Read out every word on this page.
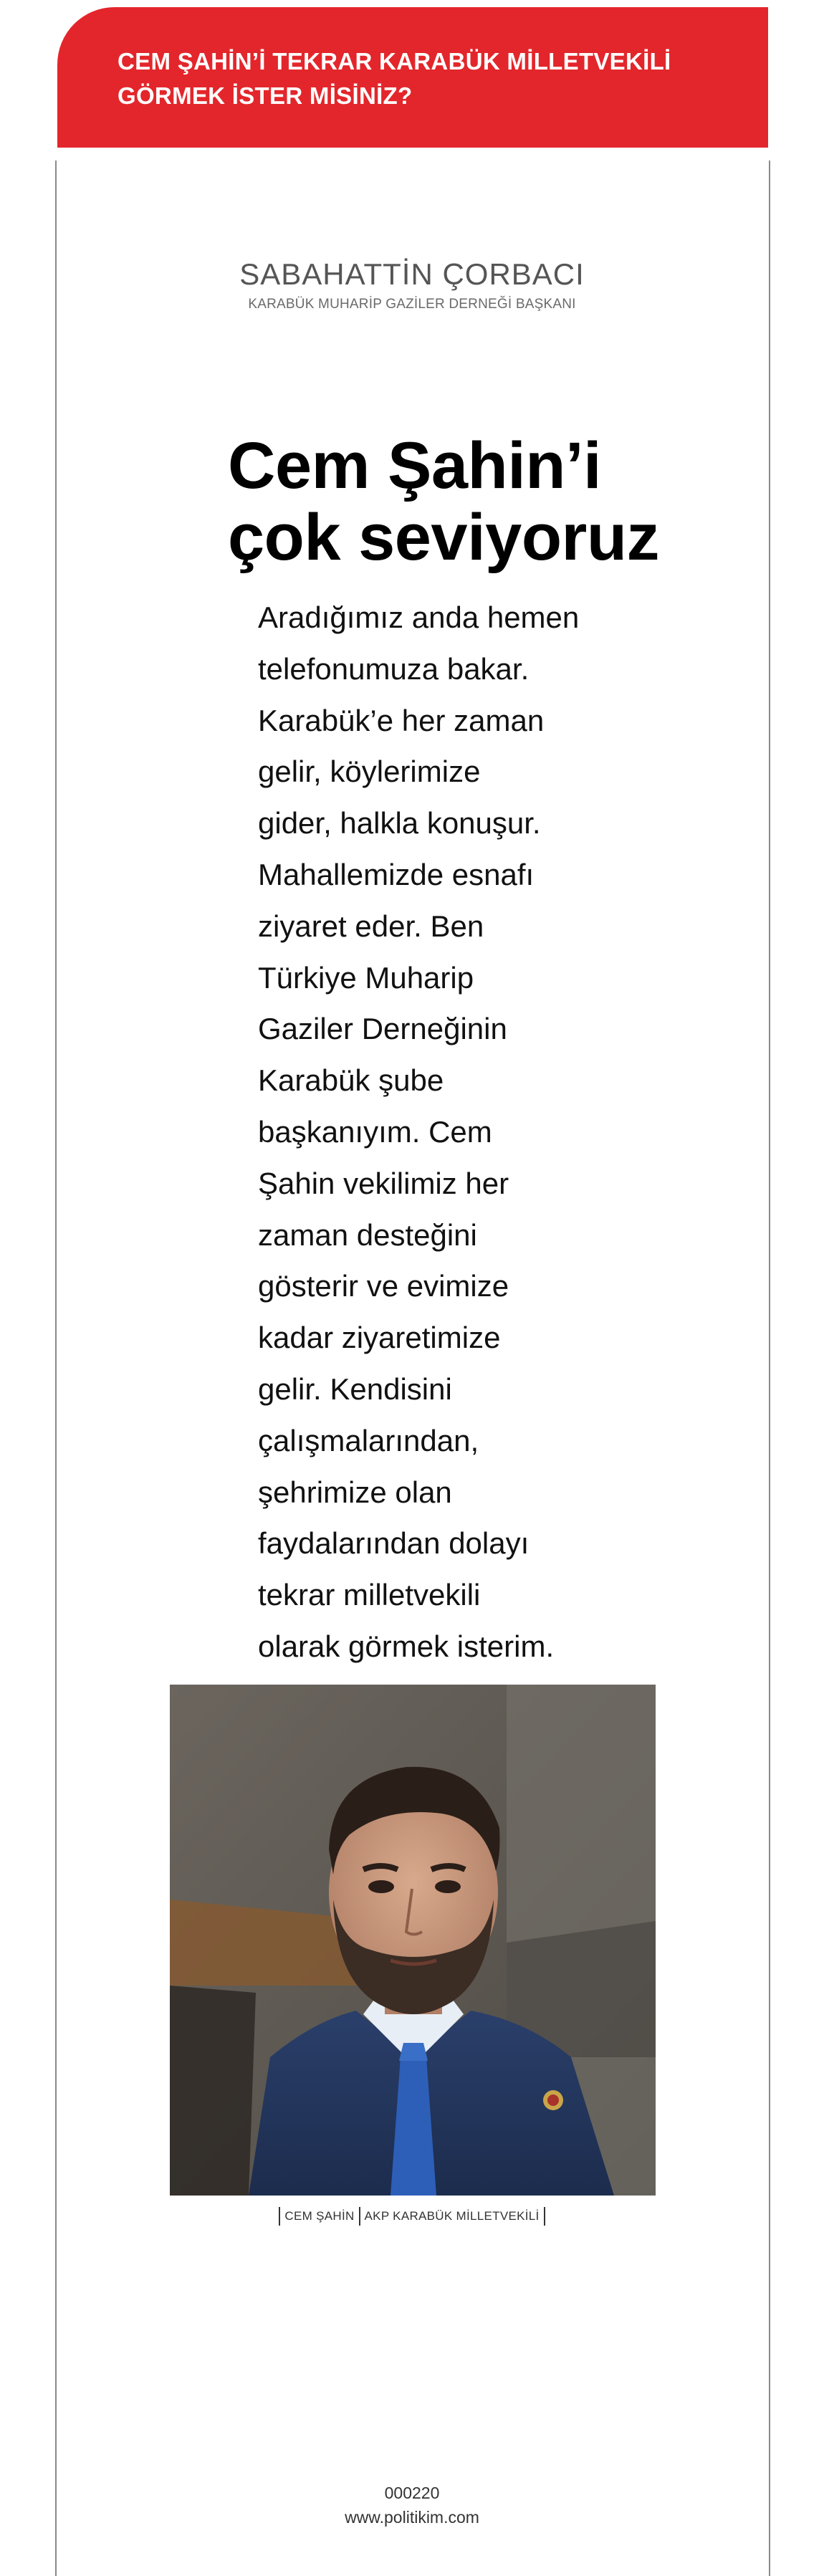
CEM ŞAHİN’İ TEKRAR KARABÜK MİLLETVEKİLİ
GÖRMEK İSTER MİSİNİZ?
SABAHATTİN ÇORBACI
KARABÜK MUHARİP GAZİLER DERNEĞİ BAŞKANI
Cem Şahin’i
çok seviyoruz

Aradığımız anda hemen
telefonumuza bakar.
Karabük’e her zaman
gelir, köylerimize
gider, halkla konuşur.
Mahallemizde esnafı
ziyaret eder. Ben
Türkiye Muharip
Gaziler Derneğinin
Karabük şube
başkanıyım. Cem
Şahin vekilimiz her
zaman desteğini
gösterir ve evimize
kadar ziyaretimize
gelir. Kendisini
çalışmalarından,
şehrimize olan
faydalarından dolayı
tekrar milletvekili
olarak görmek isterim.

CEM ŞAHİN AKP KARABÜK MİLLETVEKİLİ
000220
www.politikim.com
